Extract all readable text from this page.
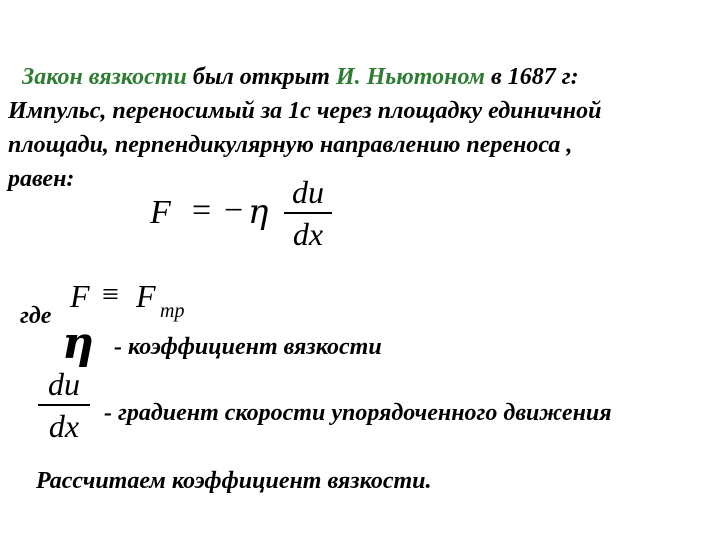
Закон вязкости был открыт И. Ньютоном в 1687 г:
Импульс, переносимый за 1с через площадку единичной
площади, перпендикулярную направлению переноса ,
равен:
F = − η du
dx
где
F ≡ F тр
η - коэффициент вязкости
du
dx - градиент скорости упорядоченного движения
Рассчитаем коэффициент вязкости.
